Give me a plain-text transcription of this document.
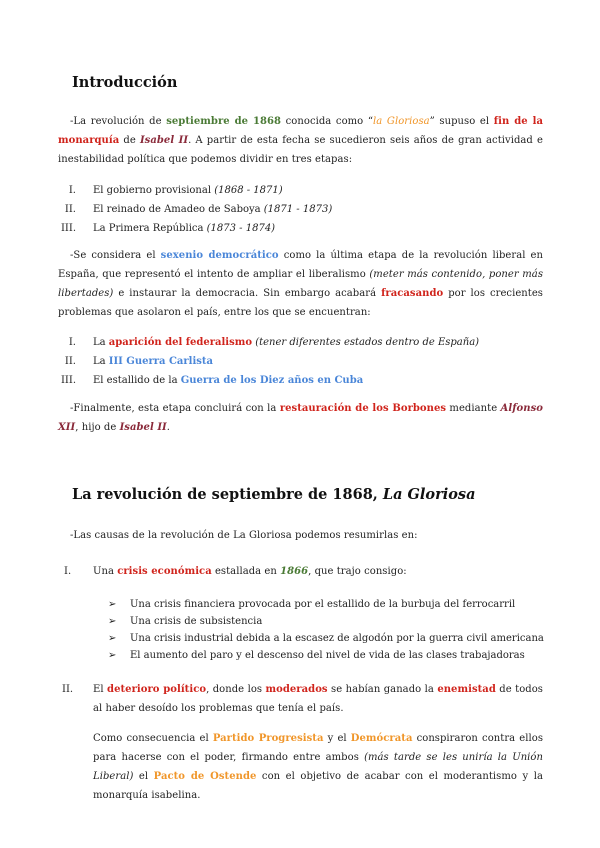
Introducción
-La revolución de septiembre de 1868 conocida como “la Gloriosa” supuso el fin de la monarquía de Isabel II. A partir de esta fecha se sucedieron seis años de gran actividad e inestabilidad política que podemos dividir en tres etapas:
I. El gobierno provisional (1868 - 1871)
II. El reinado de Amadeo de Saboya (1871 - 1873)
III. La Primera República (1873 - 1874)
-Se considera el sexenio democrático como la última etapa de la revolución liberal en España, que representó el intento de ampliar el liberalismo (meter más contenido, poner más libertades) e instaurar la democracia. Sin embargo acabará fracasando por los crecientes problemas que asolaron el país, entre los que se encuentran:
I. La aparición del federalismo (tener diferentes estados dentro de España)
II. La III Guerra Carlista
III. El estallido de la Guerra de los Diez años en Cuba
-Finalmente, esta etapa concluirá con la restauración de los Borbones mediante Alfonso XII, hijo de Isabel II.
La revolución de septiembre de 1868, La Gloriosa
-Las causas de la revolución de La Gloriosa podemos resumirlas en:
I. Una crisis económica estallada en 1866, que trajo consigo:
➢ Una crisis financiera provocada por el estallido de la burbuja del ferrocarril
➢ Una crisis de subsistencia
➢ Una crisis industrial debida a la escasez de algodón por la guerra civil americana
➢ El aumento del paro y el descenso del nivel de vida de las clases trabajadoras
II. El deterioro político, donde los moderados se habían ganado la enemistad de todos al haber desoído los problemas que tenía el país.
Como consecuencia el Partido Progresista y el Demócrata conspiraron contra ellos para hacerse con el poder, firmando entre ambos (más tarde se les uniría la Unión Liberal) el Pacto de Ostende con el objetivo de acabar con el moderantismo y la monarquía isabelina.
